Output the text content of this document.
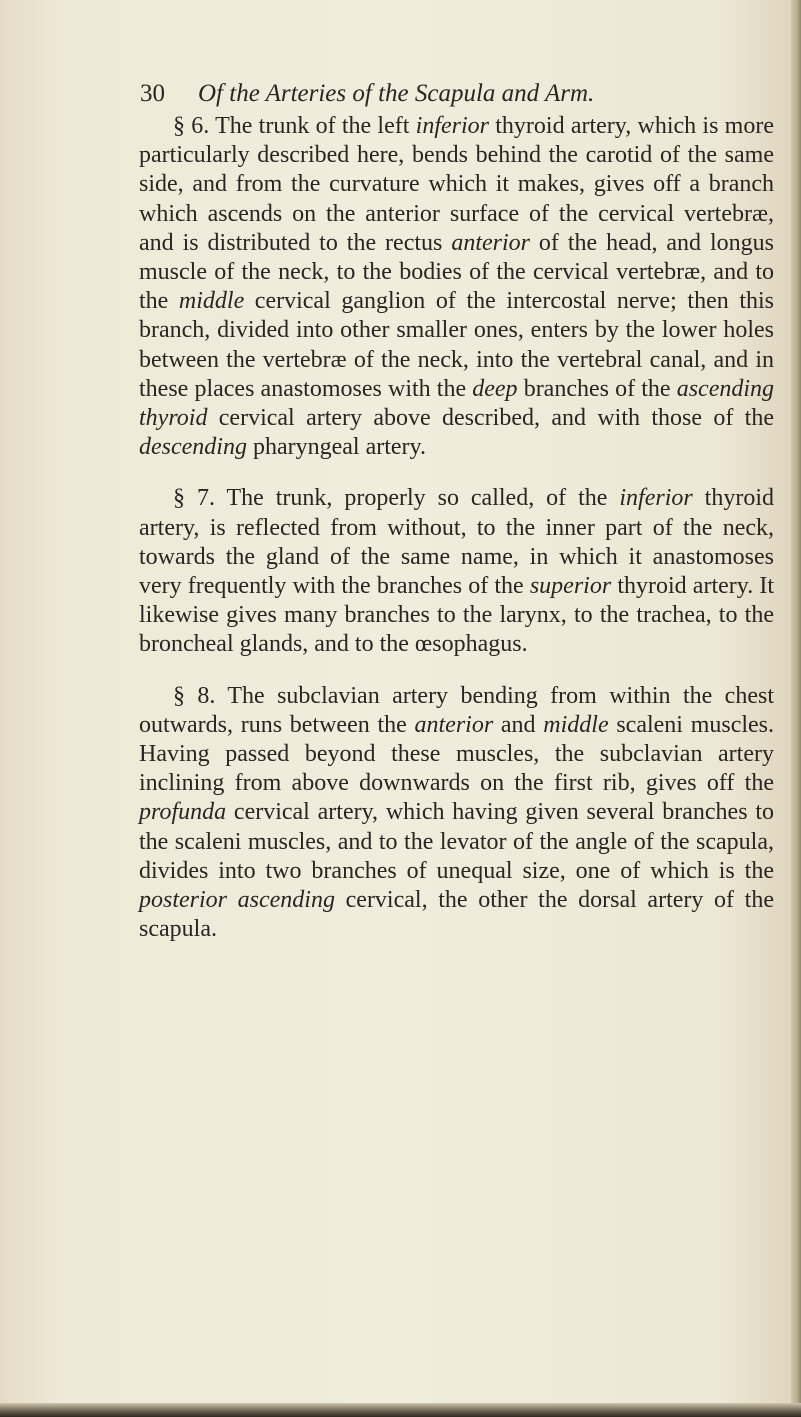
30 Of the Arteries of the Scapula and Arm.

§ 6. The trunk of the left inferior thyroid artery, which is more particularly described here, bends behind the carotid of the same side, and from the curvature which it makes, gives off a branch which ascends on the anterior surface of the cervical vertebræ, and is distributed to the rectus anterior of the head, and longus muscle of the neck, to the bodies of the cervical vertebræ, and to the middle cervical ganglion of the intercostal nerve; then this branch, divided into other smaller ones, enters by the lower holes between the vertebræ of the neck, into the vertebral canal, and in these places anastomoses with the deep branches of the ascending thyroid cervical artery above described, and with those of the descending pharyngeal artery.

§ 7. The trunk, properly so called, of the inferior thyroid artery, is reflected from without, to the inner part of the neck, towards the gland of the same name, in which it anastomoses very frequently with the branches of the superior thyroid artery. It likewise gives many branches to the larynx, to the trachea, to the broncheal glands, and to the œsophagus.

§ 8. The subclavian artery bending from within the chest outwards, runs between the anterior and middle scaleni muscles. Having passed beyond these muscles, the subclavian artery inclining from above downwards on the first rib, gives off the profunda cervical artery, which having given several branches to the scaleni muscles, and to the levator of the angle of the scapula, divides into two branches of unequal size, one of which is the posterior ascending cervical, the other the dorsal artery of the scapula.
